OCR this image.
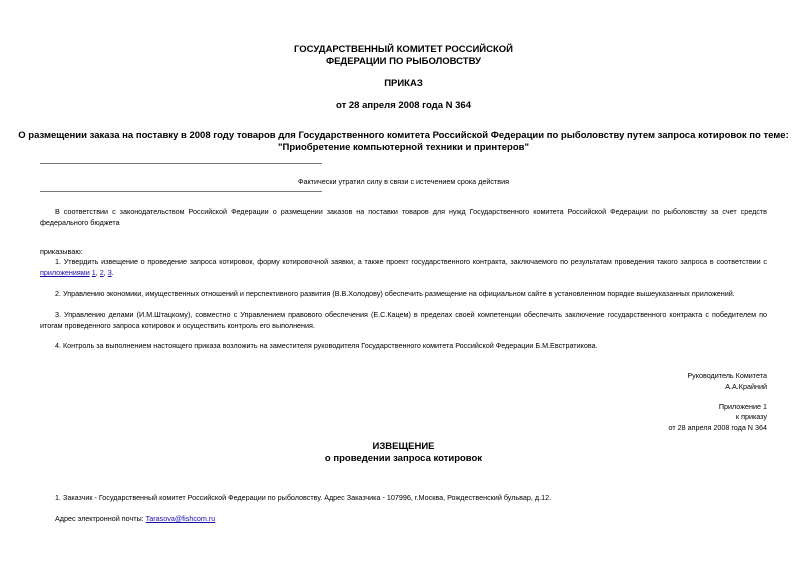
ГОСУДАРСТВЕННЫЙ КОМИТЕТ РОССИЙСКОЙ
ФЕДЕРАЦИИ ПО РЫБОЛОВСТВУ
ПРИКАЗ
от 28 апреля 2008 года N 364
О размещении заказа на поставку в 2008 году товаров для Государственного комитета Российской Федерации по рыболовству путем запроса котировок по теме:
"Приобретение компьютерной техники и принтеров"
Фактически утратил силу в связи с истечением срока действия
В соответствии с законодательством Российской Федерации о размещении заказов на поставки товаров для нужд Государственного комитета Российской Федерации по рыболовству за счет средств
федерального бюджета
приказываю:
1. Утвердить извещение о проведение запроса котировок, форму котировочной заявки, а также проект государственного контракта, заключаемого по результатам проведения такого запроса в соответствии с
приложениями 1, 2, 3.
2. Управлению экономики, имущественных отношений и перспективного развития (В.В.Холодову) обеспечить размещение на официальном сайте в установленном порядке вышеуказанных приложений.
3. Управлению делами (И.М.Штацкому), совместно с Управлением правового обеспечения (Е.С.Кацем) в пределах своей компетенции обеспечить заключение государственного контракта с победителем по
итогам проведенного запроса котировок и осуществить контроль его выполнения.
4. Контроль за выполнением настоящего приказа возложить на заместителя руководителя Государственного комитета Российской Федерации Б.М.Евстратикова.
Руководитель Комитета
А.А.Крайний
Приложение 1
к приказу
от 28 апреля 2008 года N 364
ИЗВЕЩЕНИЕ
о проведении запроса котировок
1. Заказчик - Государственный комитет Российской Федерации по рыболовству. Адрес Заказчика - 107996, г.Москва, Рождественский бульвар, д.12.
Адрес электронной почты: Tarasova@fishcom.ru
